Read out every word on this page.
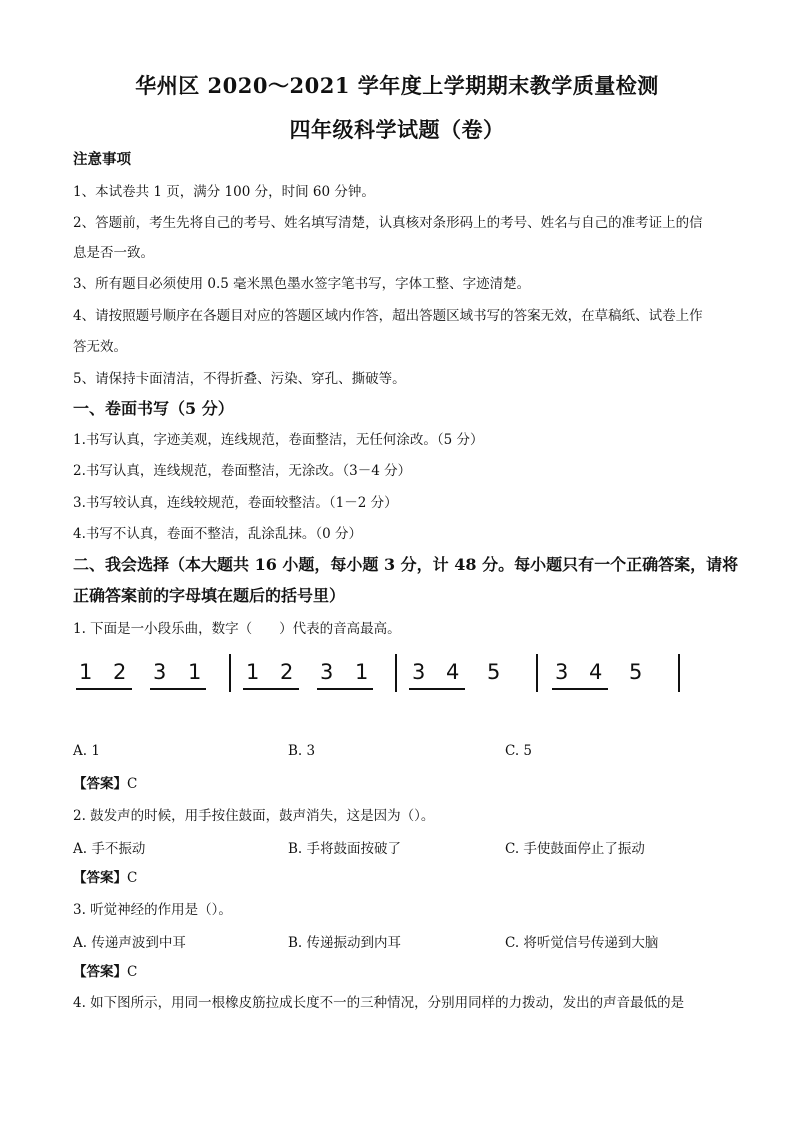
华州区 2020～2021 学年度上学期期末教学质量检测
四年级科学试题（卷）
注意事项
1、本试卷共 1 页，满分 100 分，时间 60 分钟。
2、答题前，考生先将自己的考号、姓名填写清楚，认真核对条形码上的考号、姓名与自己的准考证上的信
息是否一致。
3、所有题目必须使用 0.5 毫米黑色墨水签字笔书写，字体工整、字迹清楚。
4、请按照题号顺序在各题目对应的答题区域内作答，超出答题区域书写的答案无效，在草稿纸、试卷上作
答无效。
5、请保持卡面清洁，不得折叠、污染、穿孔、撕破等。
一、卷面书写（5 分）
1.书写认真，字迹美观，连线规范，卷面整洁，无任何涂改。（5 分）
2.书写认真，连线规范，卷面整洁，无涂改。（3－4 分）
3.书写较认真，连线较规范，卷面较整洁。（1－2 分）
4.书写不认真，卷面不整洁，乱涂乱抹。（0 分）
二、我会选择（本大题共 16 小题，每小题 3 分，计 48 分。每小题只有一个正确答案，请将
正确答案前的字母填在题后的括号里）
1. 下面是一小段乐曲，数字（　　）代表的音高最高。
1 2 3 1 1 2 3 1 3 4 5	3 4 5
A. 1	B. 3	C. 5
【答案】C
2. 鼓发声的时候，用手按住鼓面，鼓声消失，这是因为（）。
A. 手不振动	B. 手将鼓面按破了	C. 手使鼓面停止了振动
【答案】C
3. 听觉神经的作用是（）。
A. 传递声波到中耳	B. 传递振动到内耳	C. 将听觉信号传递到大脑
【答案】C
4. 如下图所示，用同一根橡皮筋拉成长度不一的三种情况，分别用同样的力拨动，发出的声音最低的是
